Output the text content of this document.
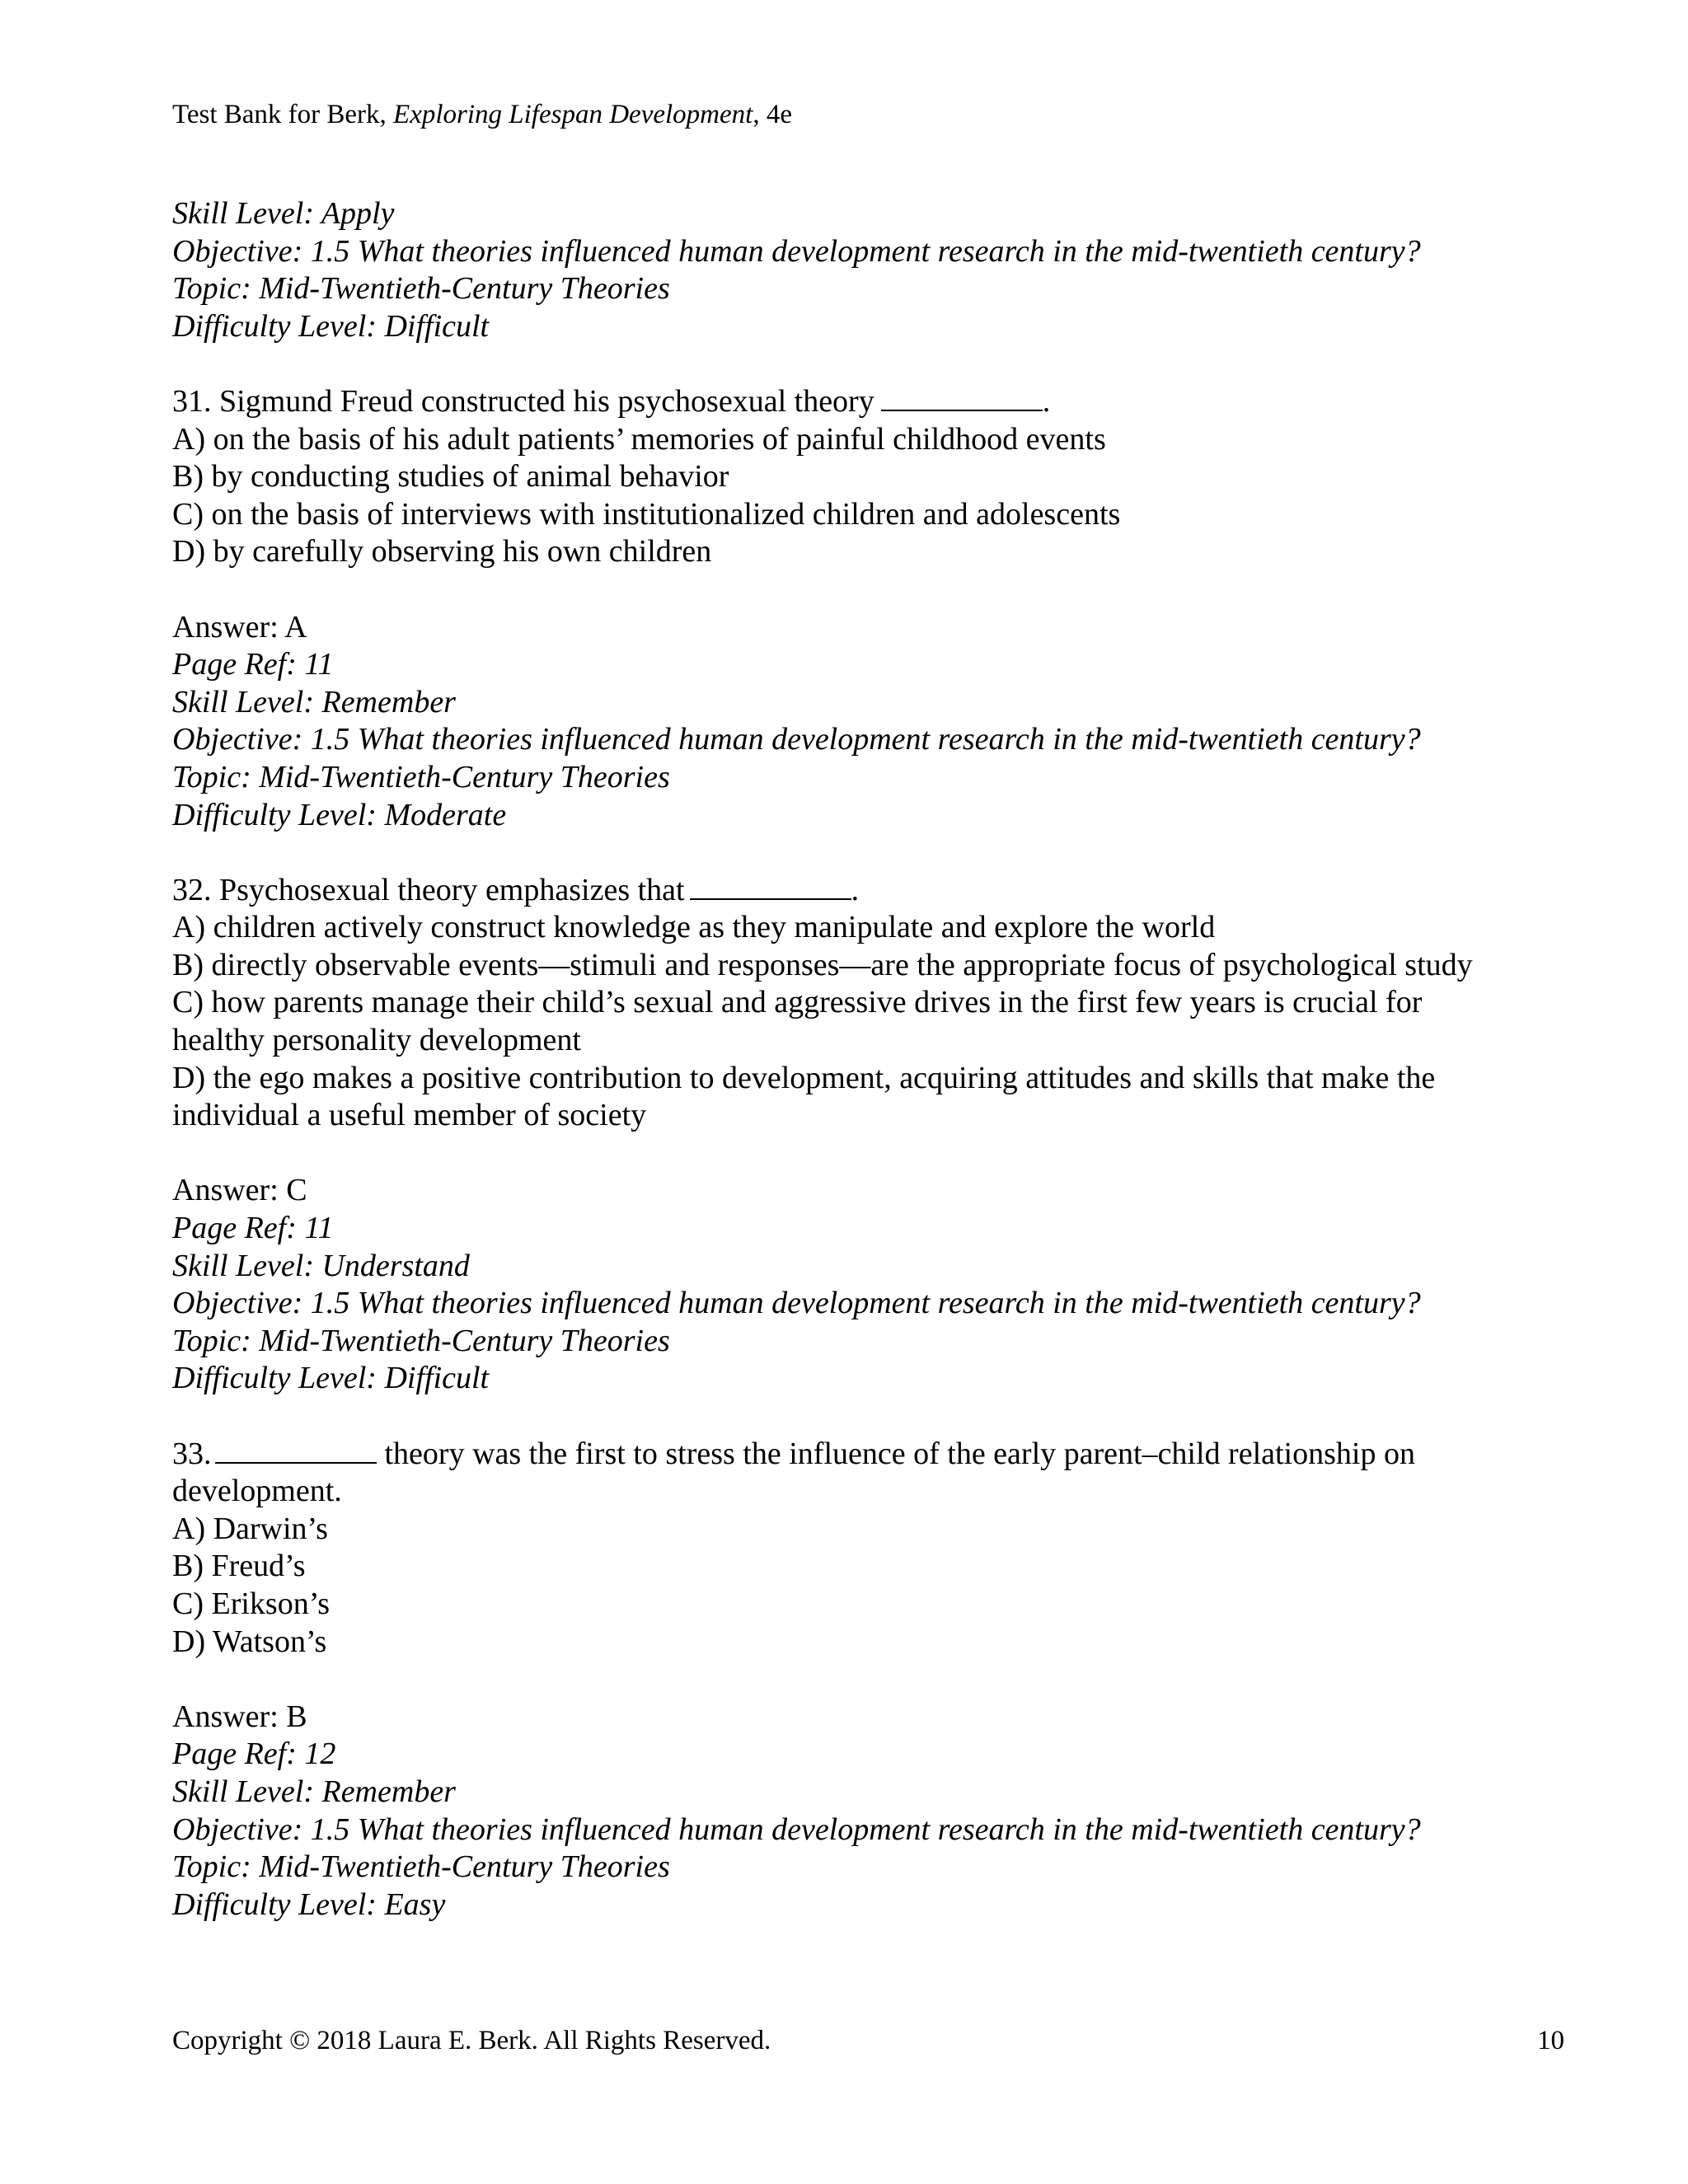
Test Bank for Berk, Exploring Lifespan Development, 4e
Skill Level: Apply
Objective: 1.5 What theories influenced human development research in the mid-twentieth century?
Topic: Mid-Twentieth-Century Theories
Difficulty Level: Difficult
31. Sigmund Freud constructed his psychosexual theory	.
A) on the basis of his adult patients’ memories of painful childhood events
B) by conducting studies of animal behavior
C) on the basis of interviews with institutionalized children and adolescents
D) by carefully observing his own children
Answer: A
Page Ref: 11
Skill Level: Remember
Objective: 1.5 What theories influenced human development research in the mid-twentieth century?
Topic: Mid-Twentieth-Century Theories
Difficulty Level: Moderate
32. Psychosexual theory emphasizes that	.
A) children actively construct knowledge as they manipulate and explore the world
B) directly observable events—stimuli and responses—are the appropriate focus of psychological study
C) how parents manage their child’s sexual and aggressive drives in the first few years is crucial for
healthy personality development
D) the ego makes a positive contribution to development, acquiring attitudes and skills that make the
individual a useful member of society
Answer: C
Page Ref: 11
Skill Level: Understand
Objective: 1.5 What theories influenced human development research in the mid-twentieth century?
Topic: Mid-Twentieth-Century Theories
Difficulty Level: Difficult
33.	theory was the first to stress the influence of the early parent–child relationship on
development.
A) Darwin’s
B) Freud’s
C) Erikson’s
D) Watson’s
Answer: B
Page Ref: 12
Skill Level: Remember
Objective: 1.5 What theories influenced human development research in the mid-twentieth century?
Topic: Mid-Twentieth-Century Theories
Difficulty Level: Easy
Copyright © 2018 Laura E. Berk. All Rights Reserved.	10
